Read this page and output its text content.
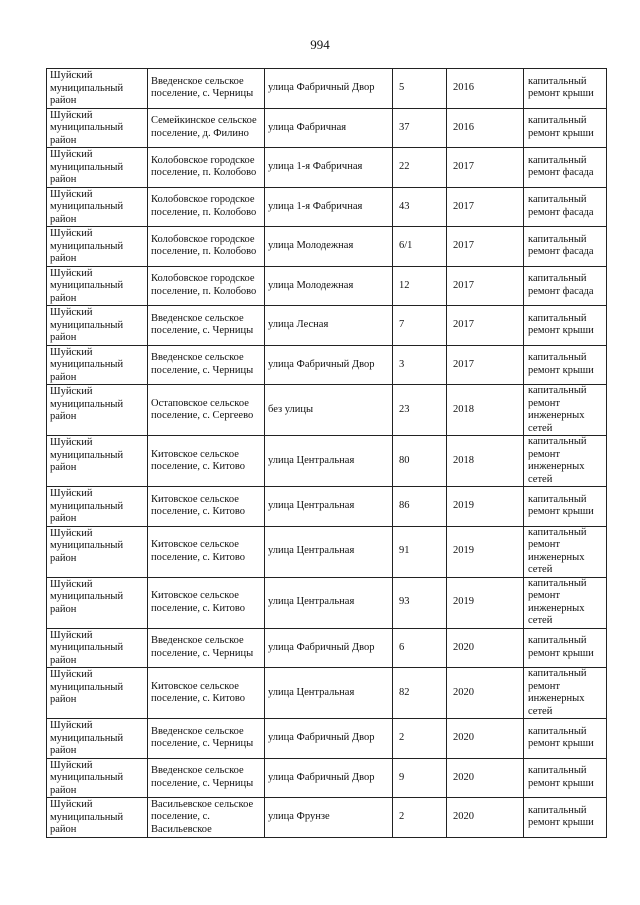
994
Шуйский муниципальный район	Введенское сельское поселение, с. Черницы	улица Фабричный Двор	5	2016	капитальный ремонт крыши
Шуйский муниципальный район	Семейкинское сельское поселение, д. Филино	улица Фабричная	37	2016	капитальный ремонт крыши
Шуйский муниципальный район	Колобовское городское поселение, п. Колобово	улица 1-я Фабричная	22	2017	капитальный ремонт фасада
Шуйский муниципальный район	Колобовское городское поселение, п. Колобово	улица 1-я Фабричная	43	2017	капитальный ремонт фасада
Шуйский муниципальный район	Колобовское городское поселение, п. Колобово	улица Молодежная	6/1	2017	капитальный ремонт фасада
Шуйский муниципальный район	Колобовское городское поселение, п. Колобово	улица Молодежная	12	2017	капитальный ремонт фасада
Шуйский муниципальный район	Введенское сельское поселение, с. Черницы	улица Лесная	7	2017	капитальный ремонт крыши
Шуйский муниципальный район	Введенское сельское поселение, с. Черницы	улица Фабричный Двор	3	2017	капитальный ремонт крыши
Шуйский муниципальный район	Остаповское сельское поселение, с. Сергеево	без улицы	23	2018	капитальный ремонт инженерных сетей
Шуйский муниципальный район	Китовское сельское поселение, с. Китово	улица Центральная	80	2018	капитальный ремонт инженерных сетей
Шуйский муниципальный район	Китовское сельское поселение, с. Китово	улица Центральная	86	2019	капитальный ремонт крыши
Шуйский муниципальный район	Китовское сельское поселение, с. Китово	улица Центральная	91	2019	капитальный ремонт инженерных сетей
Шуйский муниципальный район	Китовское сельское поселение, с. Китово	улица Центральная	93	2019	капитальный ремонт инженерных сетей
Шуйский муниципальный район	Введенское сельское поселение, с. Черницы	улица Фабричный Двор	6	2020	капитальный ремонт крыши
Шуйский муниципальный район	Китовское сельское поселение, с. Китово	улица Центральная	82	2020	капитальный ремонт инженерных сетей
Шуйский муниципальный район	Введенское сельское поселение, с. Черницы	улица Фабричный Двор	2	2020	капитальный ремонт крыши
Шуйский муниципальный район	Введенское сельское поселение, с. Черницы	улица Фабричный Двор	9	2020	капитальный ремонт крыши
Шуйский муниципальный район	Васильевское сельское поселение, с. Васильевское	улица Фрунзе	2	2020	капитальный ремонт крыши
